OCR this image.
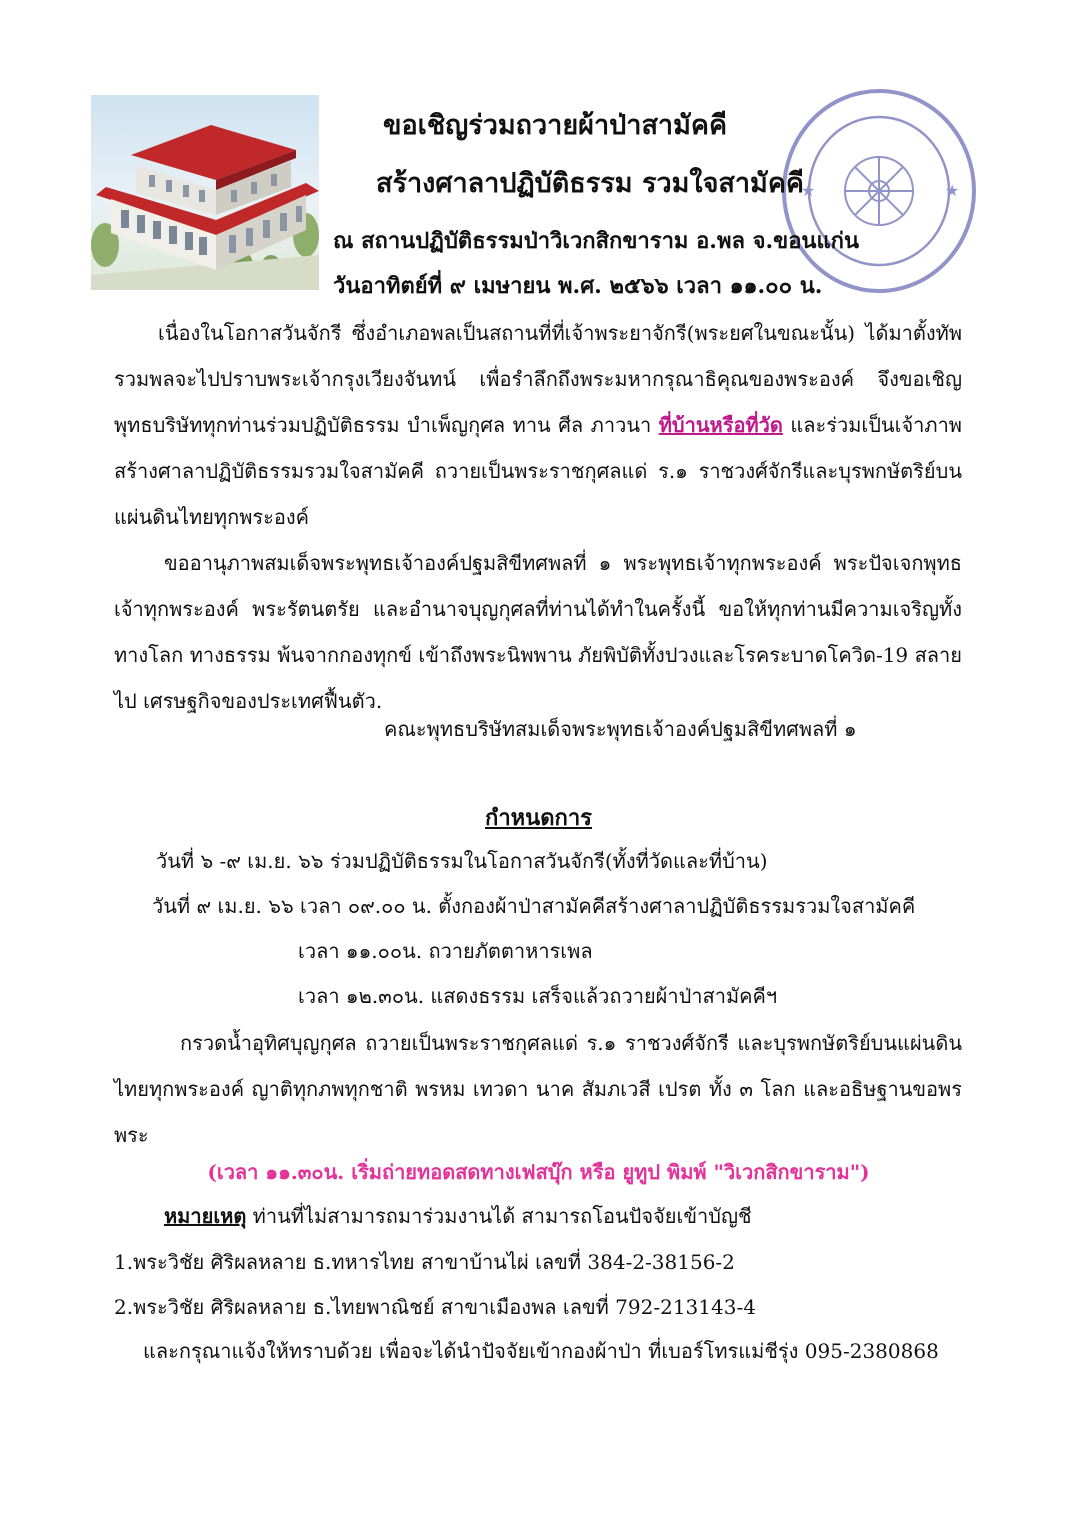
★	★
ขอเชิญร่วมถวายผ้าป่าสามัคคี
สร้างศาลาปฏิบัติธรรม รวมใจสามัคคี
ณ สถานปฏิบัติธรรมป่าวิเวกสิกขาราม อ.พล จ.ขอนแก่น
วันอาทิตย์ที่ ๙ เมษายน พ.ศ. ๒๕๖๖ เวลา ๑๑.๐๐ น.
เนื่องในโอกาสวันจักรี ซึ่งอำเภอพลเป็นสถานที่ที่เจ้าพระยาจักรี(พระยศในขณะนั้น) ได้มาตั้งทัพรวมพลจะไปปราบพระเจ้ากรุงเวียงจันทน์ เพื่อรำลึกถึงพระมหากรุณาธิคุณของพระองค์ จึงขอเชิญพุทธบริษัททุกท่านร่วมปฏิบัติธรรม บำเพ็ญกุศล ทาน ศีล ภาวนา ที่บ้านหรือที่วัด และร่วมเป็นเจ้าภาพสร้างศาลาปฏิบัติธรรมรวมใจสามัคคี ถวายเป็นพระราชกุศลแด่ ร.๑ ราชวงศ์จักรีและบุรพกษัตริย์บนแผ่นดินไทยทุกพระองค์
ขออานุภาพสมเด็จพระพุทธเจ้าองค์ปฐมสิขีทศพลที่ ๑ พระพุทธเจ้าทุกพระองค์ พระปัจเจกพุทธเจ้าทุกพระองค์ พระรัตนตรัย และอำนาจบุญกุศลที่ท่านได้ทำในครั้งนี้ ขอให้ทุกท่านมีความเจริญทั้งทางโลก ทางธรรม พ้นจากกองทุกข์ เข้าถึงพระนิพพาน ภัยพิบัติทั้งปวงและโรคระบาดโควิด-19 สลายไป เศรษฐกิจของประเทศฟื้นตัว.
คณะพุทธบริษัทสมเด็จพระพุทธเจ้าองค์ปฐมสิขีทศพลที่ ๑
กำหนดการ
วันที่ ๖ -๙ เม.ย. ๖๖ ร่วมปฏิบัติธรรมในโอกาสวันจักรี(ทั้งที่วัดและที่บ้าน)
วันที่ ๙ เม.ย. ๖๖ เวลา ๐๙.๐๐ น. ตั้งกองผ้าป่าสามัคคีสร้างศาลาปฏิบัติธรรมรวมใจสามัคคี
เวลา ๑๑.๐๐น. ถวายภัตตาหารเพล
เวลา ๑๒.๓๐น. แสดงธรรม เสร็จแล้วถวายผ้าป่าสามัคคีฯ
กรวดน้ำอุทิศบุญกุศล ถวายเป็นพระราชกุศลแด่ ร.๑ ราชวงศ์จักรี และบุรพกษัตริย์บนแผ่นดินไทยทุกพระองค์ ญาติทุกภพทุกชาติ พรหม เทวดา นาค สัมภเวสี เปรต ทั้ง ๓ โลก และอธิษฐานขอพรพระ
(เวลา ๑๑.๓๐น. เริ่มถ่ายทอดสดทางเฟสบุ๊ก หรือ ยูทูป พิมพ์ "วิเวกสิกขาราม")
หมายเหตุ ท่านที่ไม่สามารถมาร่วมงานได้ สามารถโอนปัจจัยเข้าบัญชี
1.พระวิชัย ศิริผลหลาย ธ.ทหารไทย สาขาบ้านไผ่ เลขที่ 384-2-38156-2
2.พระวิชัย ศิริผลหลาย ธ.ไทยพาณิชย์ สาขาเมืองพล เลขที่ 792-213143-4
และกรุณาแจ้งให้ทราบด้วย เพื่อจะได้นำปัจจัยเข้ากองผ้าป่า ที่เบอร์โทรแม่ชีรุ่ง 095-2380868
